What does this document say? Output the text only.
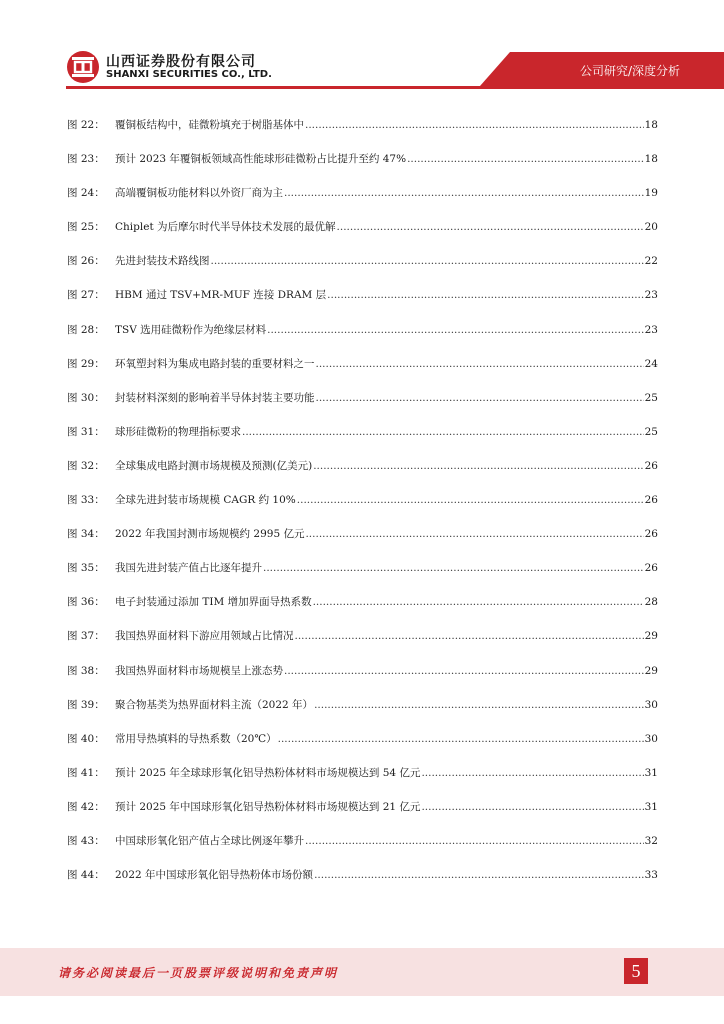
山西证券股份有限公司
SHANXI SECURITIES CO., LTD.	公司研究/深度分析
图 22： 覆铜板结构中，硅微粉填充于树脂基体中 .....	18
图 23： 预计 2023 年覆铜板领域高性能球形硅微粉占比提升至约 47% .....	18
图 24： 高端覆铜板功能材料以外资厂商为主 .....	19
图 25： Chiplet 为后摩尔时代半导体技术发展的最优解 .....	20
图 26： 先进封装技术路线图 .....	22
图 27： HBM 通过 TSV+MR-MUF 连接 DRAM 层 .....	23
图 28： TSV 选用硅微粉作为绝缘层材料 .....	23
图 29： 环氧塑封料为集成电路封装的重要材料之一 .....	24
图 30： 封装材料深刻的影响着半导体封装主要功能 .....	25
图 31： 球形硅微粉的物理指标要求 .....	25
图 32： 全球集成电路封测市场规模及预测(亿美元) .....	26
图 33： 全球先进封装市场规模 CAGR 约 10% .....	26
图 34： 2022 年我国封测市场规模约 2995 亿元 .....	26
图 35： 我国先进封装产值占比逐年提升 .....	26
图 36： 电子封装通过添加 TIM 增加界面导热系数 .....	28
图 37： 我国热界面材料下游应用领域占比情况 .....	29
图 38： 我国热界面材料市场规模呈上涨态势 .....	29
图 39： 聚合物基类为热界面材料主流（2022 年） .....	30
图 40： 常用导热填料的导热系数（20℃） .....	30
图 41： 预计 2025 年全球球形氧化铝导热粉体材料市场规模达到 54 亿元 .....	31
图 42： 预计 2025 年中国球形氧化铝导热粉体材料市场规模达到 21 亿元 .....	31
图 43： 中国球形氧化铝产值占全球比例逐年攀升 .....	32
图 44： 2022 年中国球形氧化铝导热粉体市场份额 .....	33
请务必阅读最后一页股票评级说明和免责声明	5
